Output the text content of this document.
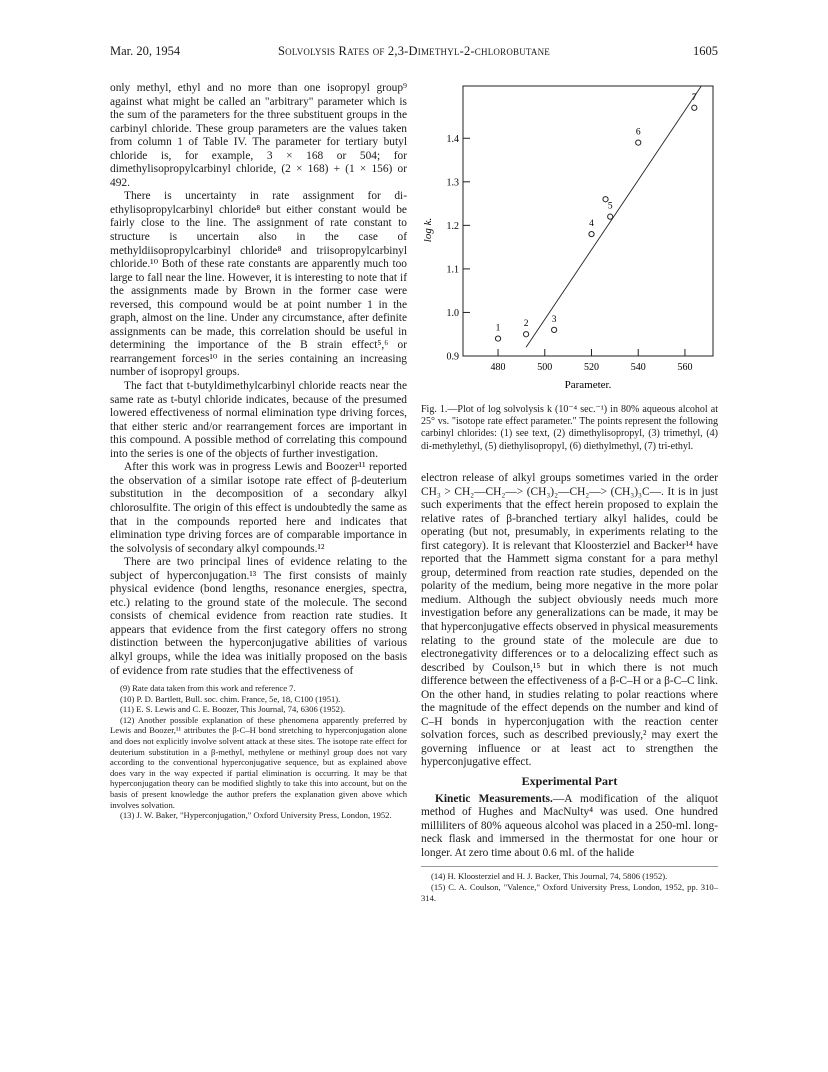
Mar. 20, 1954	Solvolysis Rates of 2,3-Dimethyl-2-chlorobutane	1605

only methyl, ethyl and no more than one isopropyl group⁹ against what might be called an "arbitrary" parameter which is the sum of the parameters for the three substituent groups in the carbinyl chloride. These group parameters are the values taken from column 1 of Table IV. The parameter for tertiary butyl chloride is, for example, 3 × 168 or 504; for dimethylisopropylcarbinyl chloride, (2 × 168) + (1 × 156) or 492.

There is uncertainty in rate assignment for di-ethylisopropylcarbinyl chloride⁸ but either constant would be fairly close to the line. The assignment of rate constant to structure is uncertain also in the case of methyldiisopropylcarbinyl chloride⁸ and triisopropylcarbinyl chloride.¹⁰ Both of these rate constants are apparently much too large to fall near the line. However, it is interesting to note that if the assignments made by Brown in the former case were reversed, this compound would be at point number 1 in the graph, almost on the line. Under any circumstance, after definite assignments can be made, this correlation should be useful in determining the importance of the B strain effect⁵,⁶ or rearrangement forces¹⁰ in the series containing an increasing number of isopropyl groups.

The fact that t-butyldimethylcarbinyl chloride reacts near the same rate as t-butyl chloride indicates, because of the presumed lowered effectiveness of normal elimination type driving forces, that either steric and/or rearrangement forces are important in this compound. A possible method of correlating this compound into the series is one of the objects of further investigation.

After this work was in progress Lewis and Boozer¹¹ reported the observation of a similar isotope rate effect of β-deuterium substitution in the decomposition of a secondary alkyl chlorosulfite. The origin of this effect is undoubtedly the same as that in the compounds reported here and indicates that elimination type driving forces are of comparable importance in the solvolysis of secondary alkyl compounds.¹²

There are two principal lines of evidence relating to the subject of hyperconjugation.¹³ The first consists of mainly physical evidence (bond lengths, resonance energies, spectra, etc.) relating to the ground state of the molecule. The second consists of chemical evidence from reaction rate studies. It appears that evidence from the first category offers no strong distinction between the hyperconjugative abilities of various alkyl groups, while the idea was initially proposed on the basis of evidence from rate studies that the effectiveness of

(9) Rate data taken from this work and reference 7.

(10) P. D. Bartlett, Bull. soc. chim. France, 5e, 18, C100 (1951).

(11) E. S. Lewis and C. E. Boozer, This Journal, 74, 6306 (1952).

(12) Another possible explanation of these phenomena apparently preferred by Lewis and Boozer,¹¹ attributes the β-C–H bond stretching to hyperconjugation alone and does not explicitly involve solvent attack at these sites. The isotope rate effect for deuterium substitution in a β-methyl, methylene or methinyl group does not vary according to the conventional hyperconjugative sequence, but as explained above does vary in the way expected if partial elimination is occurring. It may be that hyperconjugation theory can be modified slightly to take this into account, but on the basis of present knowledge the author prefers the explanation given above which involves solvation.

(13) J. W. Baker, "Hyperconjugation," Oxford University Press, London, 1952.

480	500	520	540	560
0.9
1.0
1.1
1.2
1.3
1.4
1 2 3
4
5
6
7
log k.
Parameter.
Fig. 1.—Plot of log solvolysis k (10⁻⁴ sec.⁻¹) in 80% aqueous alcohol at 25° vs. "isotope rate effect parameter." The points represent the following carbinyl chlorides: (1) see text, (2) dimethylisopropyl, (3) trimethyl, (4) di-methylethyl, (5) diethylisopropyl, (6) diethylmethyl, (7) tri-ethyl.

electron release of alkyl groups sometimes varied in the order CH₃ > CH₂—CH₂—> (CH₃)₂—CH₂—> (CH₃)₃C—. It is in just such experiments that the effect herein proposed to explain the relative rates of β-branched tertiary alkyl halides, could be operating (but not, presumably, in experiments relating to the first category). It is relevant that Kloosterziel and Backer¹⁴ have reported that the Hammett sigma constant for a para methyl group, determined from reaction rate studies, depended on the polarity of the medium, being more negative in the more polar medium. Although the subject obviously needs much more investigation before any generalizations can be made, it may be that hyperconjugative effects observed in physical measurements relating to the ground state of the molecule are due to electronegativity differences or to a delocalizing effect such as described by Coulson,¹⁵ but in which there is not much difference between the effectiveness of a β-C–H or a β-C–C link. On the other hand, in studies relating to polar reactions where the magnitude of the effect depends on the number and kind of C–H bonds in hyperconjugation with the reaction center solvation forces, such as described previously,² may exert the governing influence or at least act to strengthen the hyperconjugative effect.

Experimental Part

Kinetic Measurements.—A modification of the aliquot method of Hughes and MacNulty⁴ was used. One hundred milliliters of 80% aqueous alcohol was placed in a 250-ml. long-neck flask and immersed in the thermostat for one hour or longer. At zero time about 0.6 ml. of the halide

(14) H. Kloosterziel and H. J. Backer, This Journal, 74, 5806 (1952).

(15) C. A. Coulson, "Valence," Oxford University Press, London, 1952, pp. 310–314.
